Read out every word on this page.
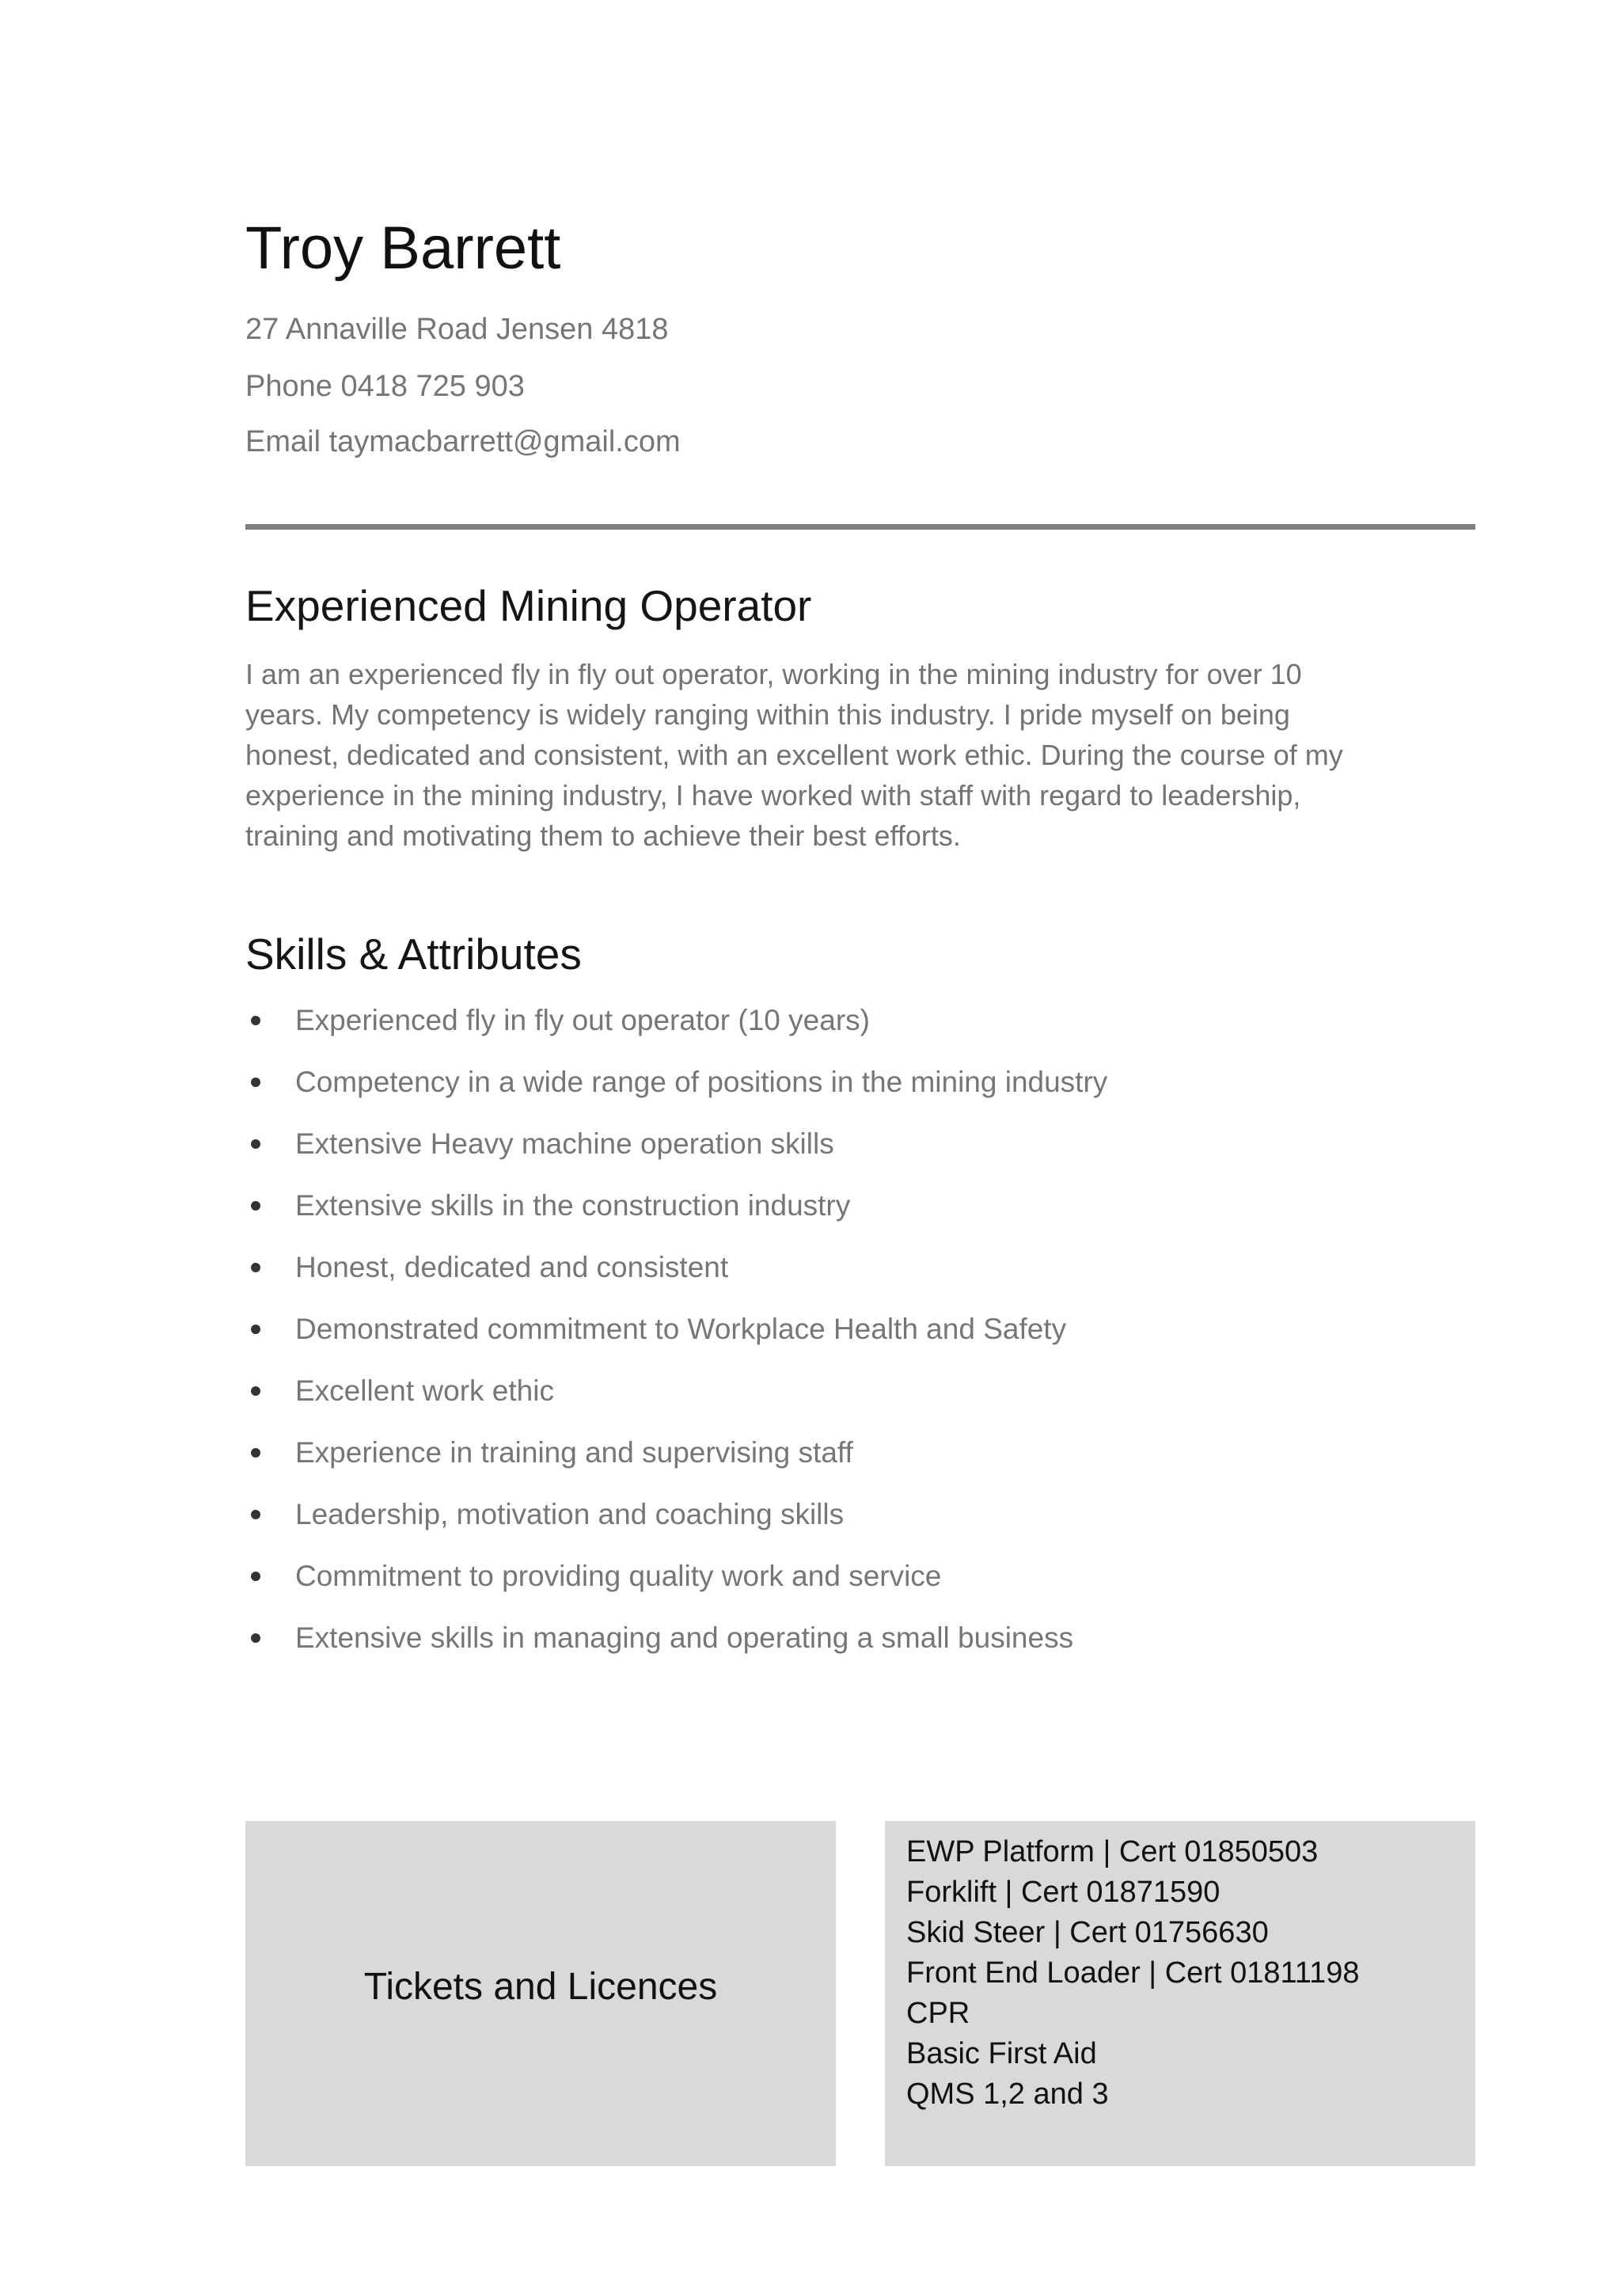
Troy Barrett
27 Annaville Road Jensen 4818
Phone 0418 725 903
Email taymacbarrett@gmail.com
Experienced Mining Operator

I am an experienced fly in fly out operator, working in the mining industry for over 10 years. My competency is widely ranging within this industry. I pride myself on being honest, dedicated and consistent, with an excellent work ethic. During the course of my experience in the mining industry, I have worked with staff with regard to leadership, training and motivating them to achieve their best efforts.

Skills & Attributes
Experienced fly in fly out operator (10 years)
Competency in a wide range of positions in the mining industry
Extensive Heavy machine operation skills
Extensive skills in the construction industry
Honest, dedicated and consistent
Demonstrated commitment to Workplace Health and Safety
Excellent work ethic
Experience in training and supervising staff
Leadership, motivation and coaching skills
Commitment to providing quality work and service
Extensive skills in managing and operating a small business
Tickets and Licences
EWP Platform | Cert 01850503
Forklift | Cert 01871590
Skid Steer | Cert 01756630
Front End Loader | Cert 01811198
CPR
Basic First Aid
QMS 1,2 and 3
